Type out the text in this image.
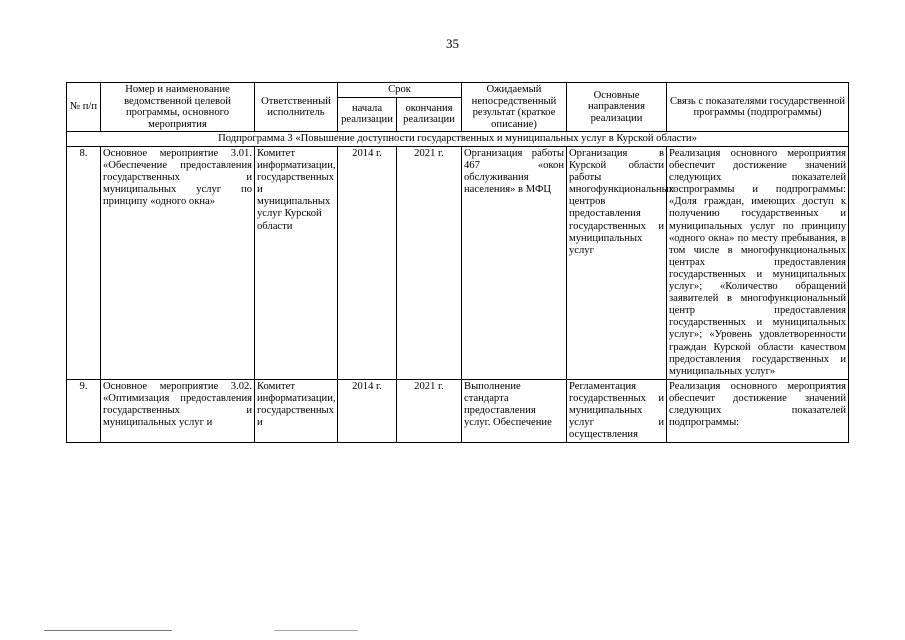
35
№ п/п	Номер и наименование ведомственной целевой программы, основного мероприятия	Ответственный исполнитель	Срок		Ожидаемый непосредственный результат (краткое описание)	Основные направления реализации	Связь с показателями государственной программы (подпрограммы)
			начала реализации	окончания реализации			
Подпрограмма 3 «Повышение доступности государственных и муниципальных услуг в Курской области»							
8.	Основное мероприятие 3.01. «Обеспечение предоставления государственных и муниципальных услуг по принципу «одного окна»	Комитет информатизации, государственных и муниципальных услуг Курской области	2014 г.	2021 г.	Организация работы 467 «окон обслуживания населения» в МФЦ	Организация в Курской области работы многофункциональных центров предоставления государственных и муниципальных услуг	Реализация основного мероприятия обеспечит достижение значений следующих показателей госпрограммы и подпрограммы: «Доля граждан, имеющих доступ к получению государственных и муниципальных услуг по принципу «одного окна» по месту пребывания, в том числе в многофункциональных центрах предоставления государственных и муниципальных услуг»; «Количество обращений заявителей в многофункциональный центр предоставления государственных и муниципальных услуг»; «Уровень удовлетворенности граждан Курской области качеством предоставления государственных и муниципальных услуг»
9.	Основное мероприятие 3.02. «Оптимизация предоставления государственных и муниципальных услуг и	Комитет информатизации, государственных и	2014 г.	2021 г.	Выполнение стандарта предоставления услуг. Обеспечение	Регламентация государственных и муниципальных услуг и осуществления	Реализация основного мероприятия обеспечит достижение значений следующих показателей подпрограммы:
